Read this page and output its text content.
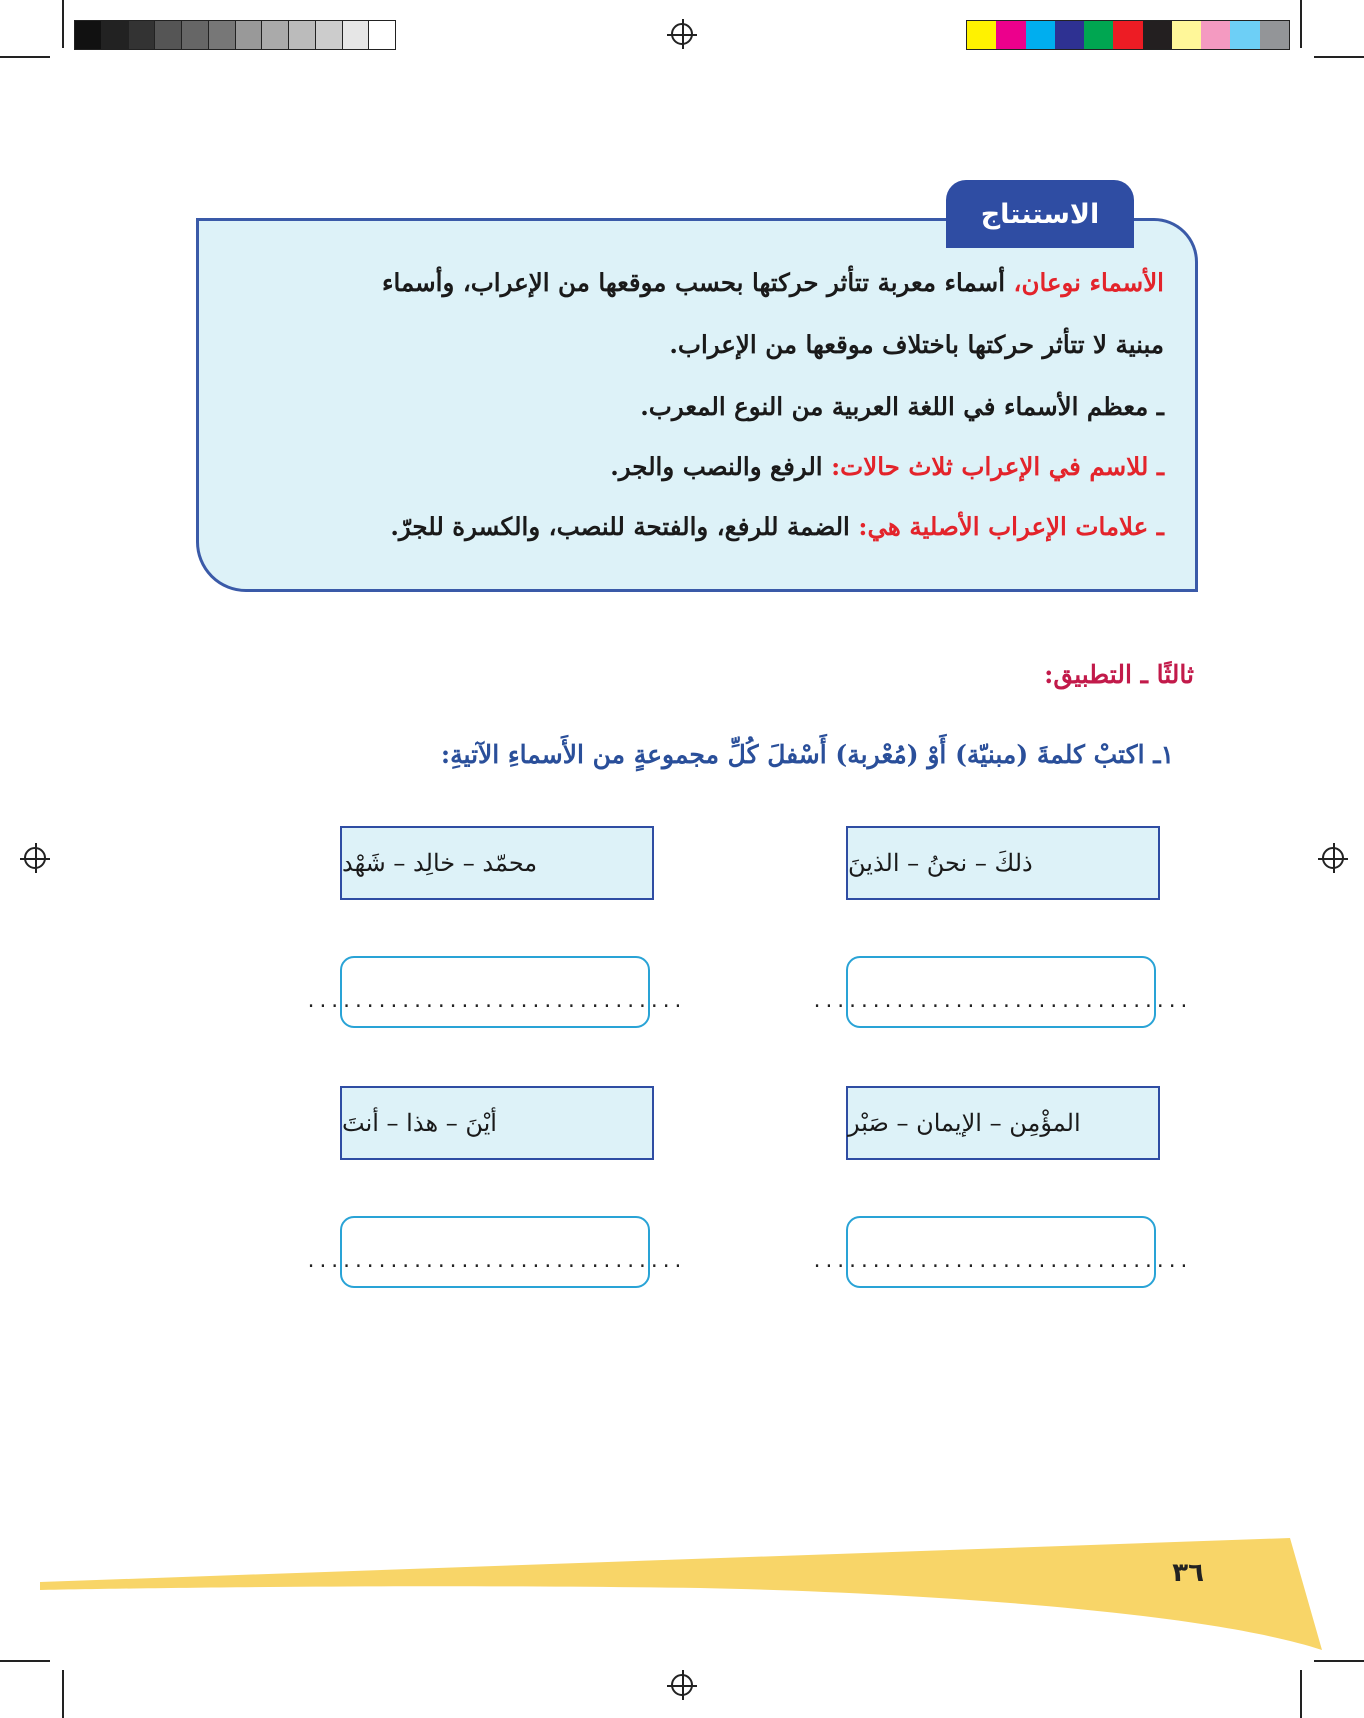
الاستنتاج
الأسماء نوعان، أسماء معربة تتأثر حركتها بحسب موقعها من الإعراب، وأسماء
مبنية لا تتأثر حركتها باختلاف موقعها من الإعراب.
ـ معظم الأسماء في اللغة العربية من النوع المعرب.
ـ للاسم في الإعراب ثلاث حالات: الرفع والنصب والجر.
ـ علامات الإعراب الأصلية هي: الضمة للرفع، والفتحة للنصب، والكسرة للجرّ.
ثالثًا ـ التطبيق:
١ـ اكتبْ كلمةَ (مبنيّة) أَوْ (مُعْربة) أَسْفلَ كُلِّ مجموعةٍ من الأَسماءِ الآتيةِ:
ذلكَ – نحنُ – الذينَ
محمّد – خالِد – شَهْد
................................
................................
المؤْمِن – الإيمان – صَبْر
أيْنَ – هذا – أنتَ
................................
................................
٣٦
